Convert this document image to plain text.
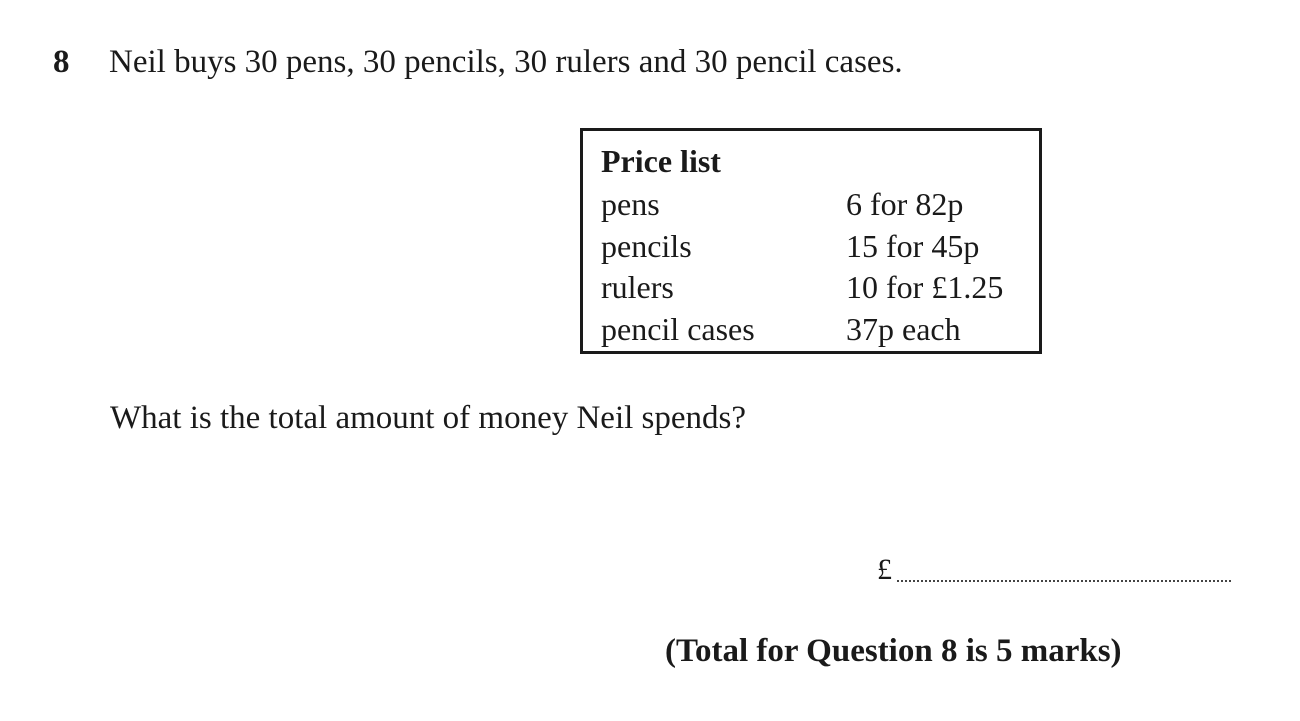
8 Neil buys 30 pens, 30 pencils, 30 rulers and 30 pencil cases.
Price list
pens	6 for 82p
pencils	15 for 45p
rulers	10 for £1.25
pencil cases	37p each
What is the total amount of money Neil spends?
£
(Total for Question 8 is 5 marks)
